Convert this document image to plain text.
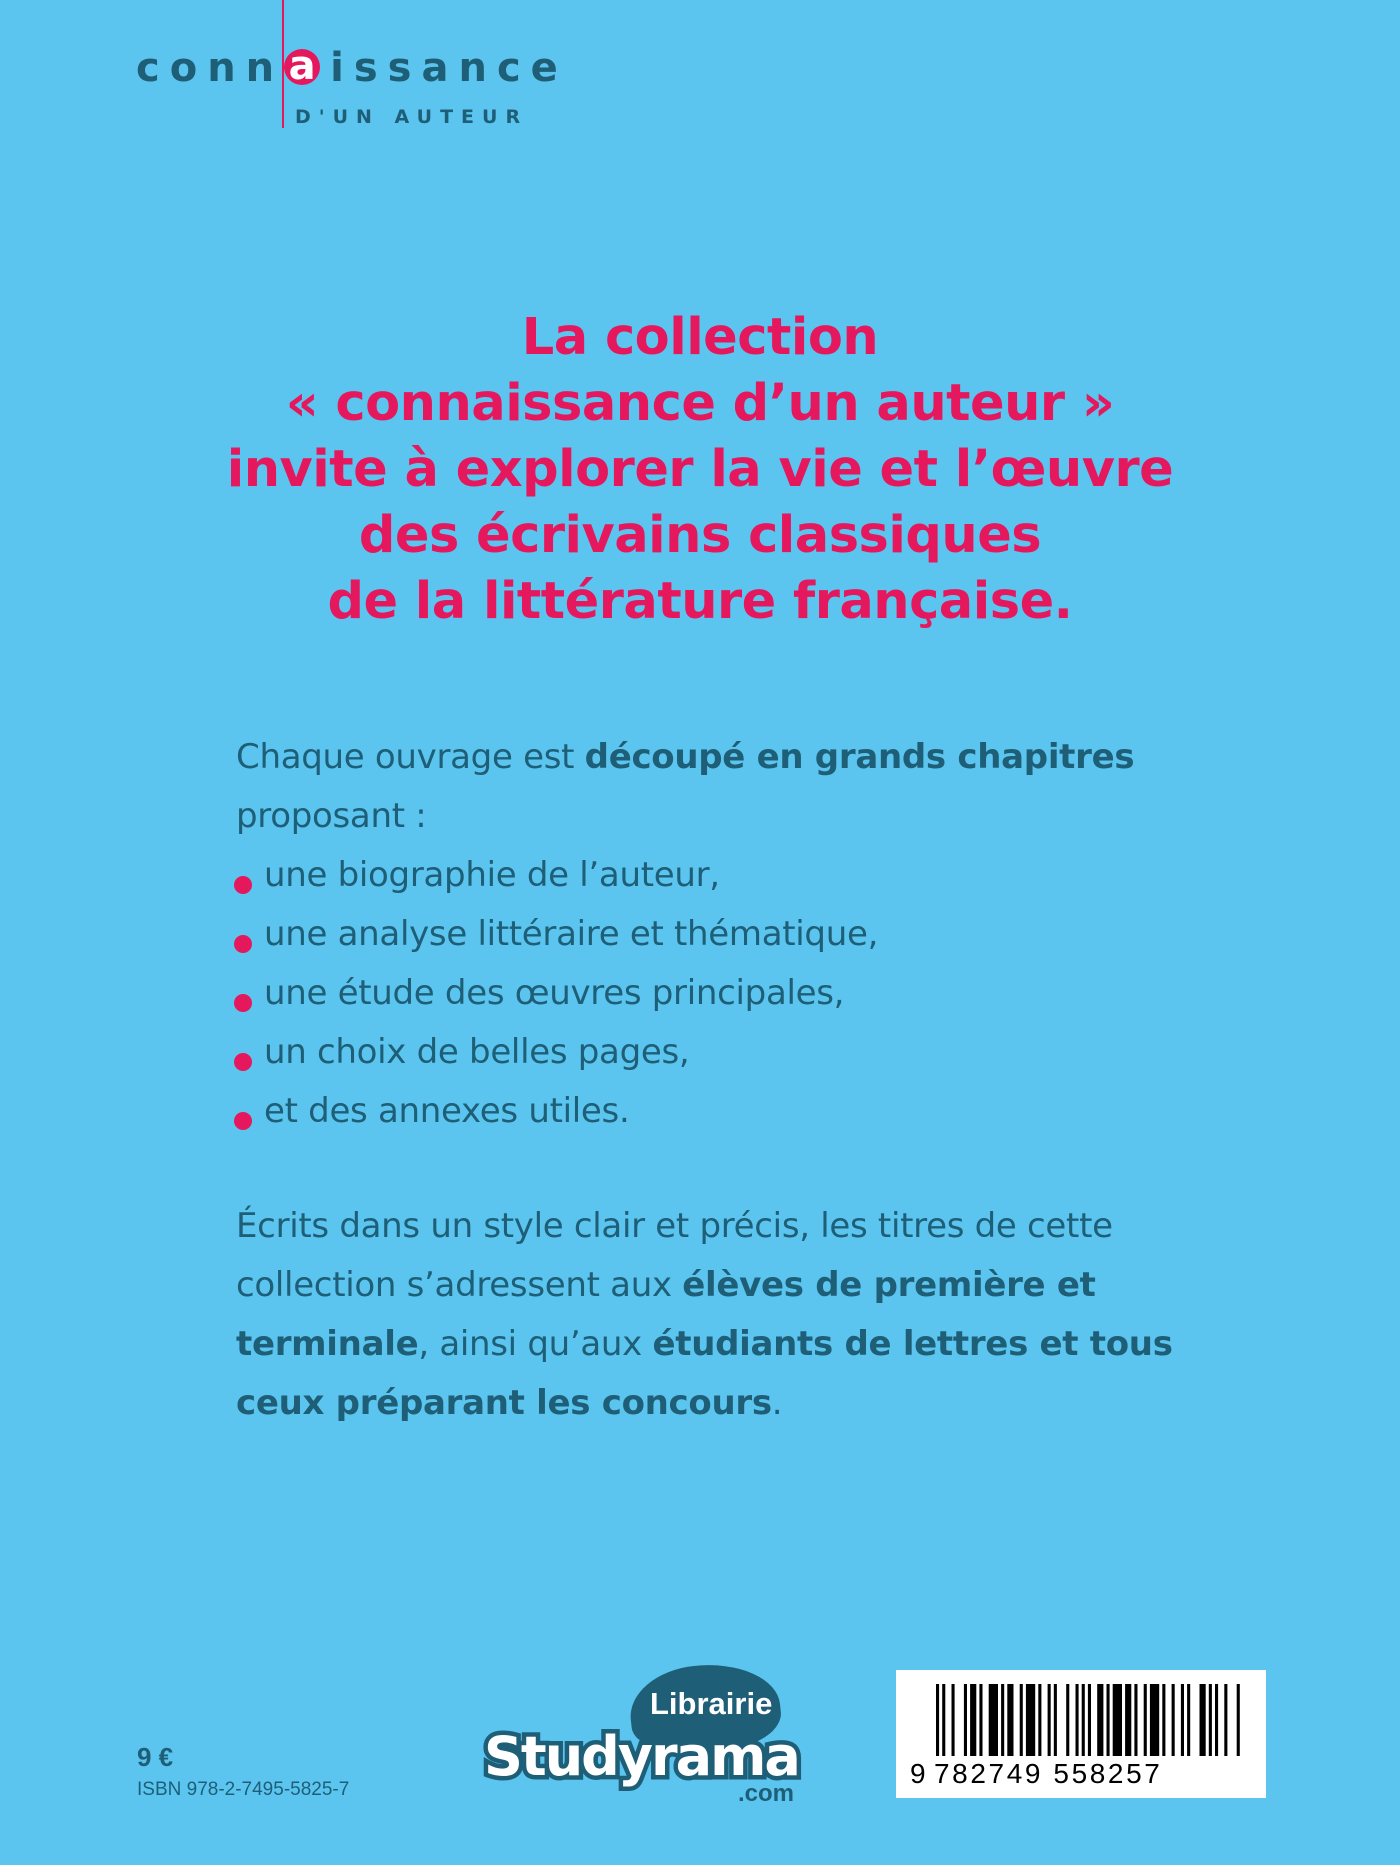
conn a issance
D'UN AUTEUR
La collection
« connaissance d’un auteur »
invite à explorer la vie et l’œuvre
des écrivains classiques
de la littérature française.
Chaque ouvrage est découpé en grands chapitres
proposant :
une biographie de l’auteur,
une analyse littéraire et thématique,
une étude des œuvres principales,
un choix de belles pages,
et des annexes utiles.
Écrits dans un style clair et précis, les titres de cette
collection s’adressent aux élèves de première et
terminale, ainsi qu’aux étudiants de lettres et tous
ceux préparant les concours.
9 €
ISBN 978-2-7495-5825-7
Librairie
Studyrama
.com
9 782749 558257
